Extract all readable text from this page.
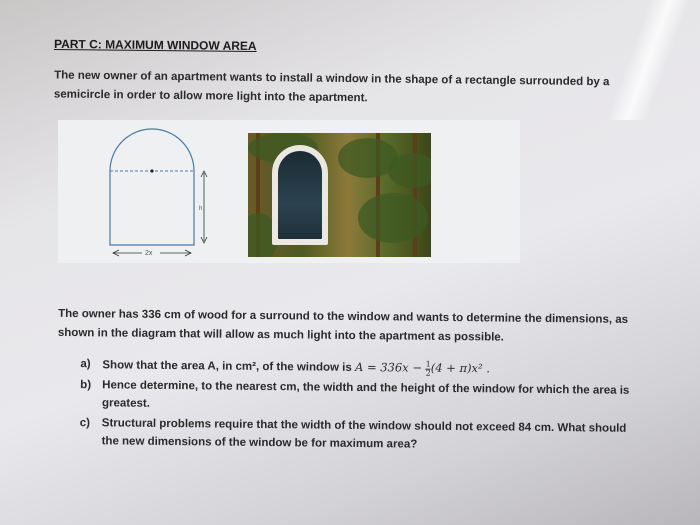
PART C: MAXIMUM WINDOW AREA
The new owner of an apartment wants to install a window in the shape of a rectangle surrounded by a semicircle in order to allow more light into the apartment.
h
2x
The owner has 336 cm of wood for a surround to the window and wants to determine the dimensions, as shown in the diagram that will allow as much light into the apartment as possible.
a)	Show that the area A, in cm², of the window is $A = 336x - \frac{1}{2} (4 + \pi)x^2$ .
b) Hence determine, to the nearest cm, the width and the height of the window for which the area is greatest.
c)	Structural problems require that the width of the window should not exceed 84 cm. What should the new dimensions of the window be for maximum area?
